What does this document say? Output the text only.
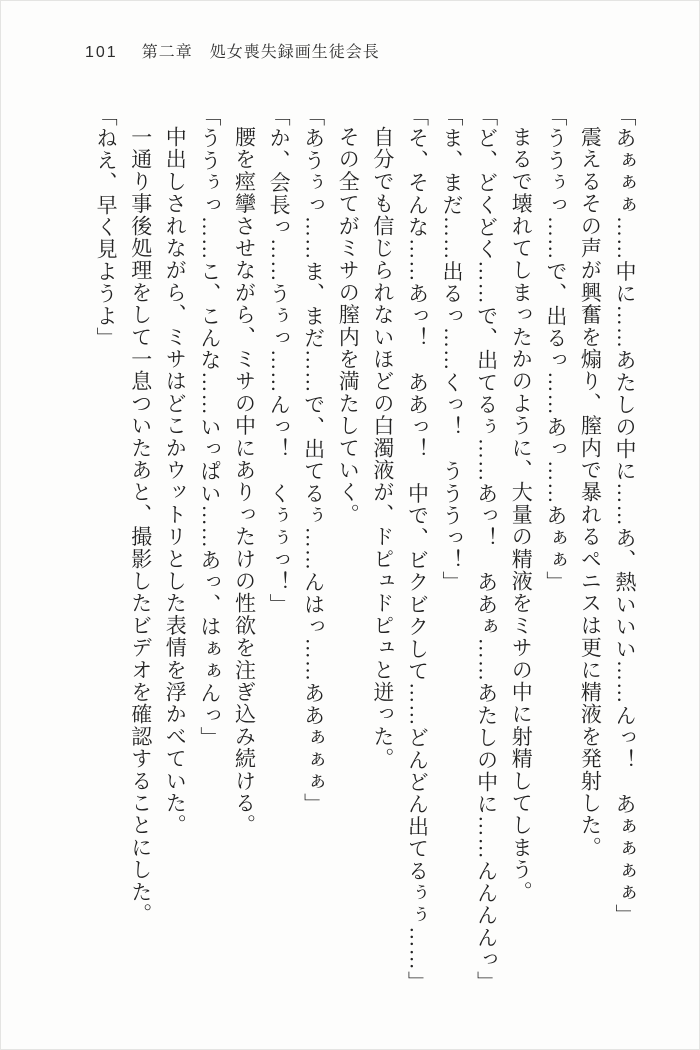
101 第二章　処女喪失録画生徒会長

「あぁぁぁ……中に……あたしの中に……あ、熱いいい……んっ！　あぁぁぁぁ」

震えるその声が興奮を煽り、膣内で暴れるペニスは更に精液を発射した。

「ううぅっ……で、出るっ……あっ……あぁぁ」

まるで壊れてしまったかのように、大量の精液をミサの中に射精してしまう。

「ど、どくどく……で、出てるぅ……あっ！　ああぁ……あたしの中に……んんんんっ」

「ま、まだ……出るっ……くっ！　うううっ！」

「そ、そんな……あっ！　ああっ！　中で、ビクビクして……どんどん出てるぅぅ……」

自分でも信じられないほどの白濁液が、ドピュドピュと迸った。

その全てがミサの膣内を満たしていく。

「あうぅっ……ま、まだ……で、出てるぅ……んはっ……ああぁぁぁ」

「か、会長っ……うぅっ……んっ！　くぅぅっ！」

腰を痙攣させながら、ミサの中にありったけの性欲を注ぎ込み続ける。

「ううぅっ……こ、こんな……いっぱい……あっ、はぁぁんっ」

中出しされながら、ミサはどこかウットリとした表情を浮かべていた。

一通り事後処理をして一息ついたあと、撮影したビデオを確認することにした。

「ねえ、早く見ようよ」
